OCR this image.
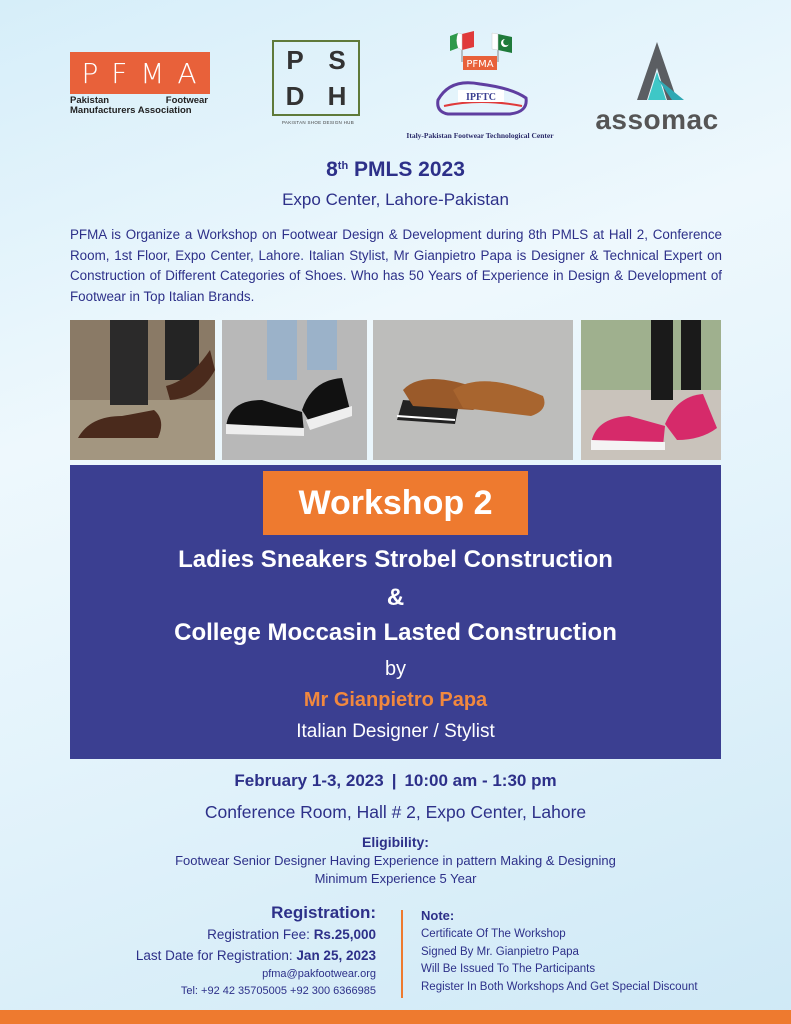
P F M A
Pakistan	Footwear
Manufacturers Association
P S
D H
PAKISTAN SHOE DESIGN HUB
PFMA
IPFTC
Italy-Pakistan Footwear Technological Center
assomac
8th PMLS 2023
Expo Center, Lahore-Pakistan

PFMA is Organize a Workshop on Footwear Design & Development during 8th PMLS at Hall 2, Conference Room, 1st Floor, Expo Center, Lahore. Italian Stylist, Mr Gianpietro Papa is Designer & Technical Expert on Construction of Different Categories of Shoes. Who has 50 Years of Experience in Design & Development of Footwear in Top Italian Brands.

Workshop 2
Ladies Sneakers Strobel Construction
&
College Moccasin Lasted Construction
by
Mr Gianpietro Papa
Italian Designer / Stylist
February 1-3, 2023 | 10:00 am - 1:30 pm
Conference Room, Hall # 2, Expo Center, Lahore
Eligibility:
Footwear Senior Designer Having Experience in pattern Making & Designing
Minimum Experience 5 Year
Registration:
Registration Fee: Rs.25,000
Last Date for Registration: Jan 25, 2023
pfma@pakfootwear.org
Tel: +92 42 35705005 +92 300 6366985
Note:
Certificate Of The Workshop
Signed By Mr. Gianpietro Papa
Will Be Issued To The Participants
Register In Both Workshops And Get Special Discount
